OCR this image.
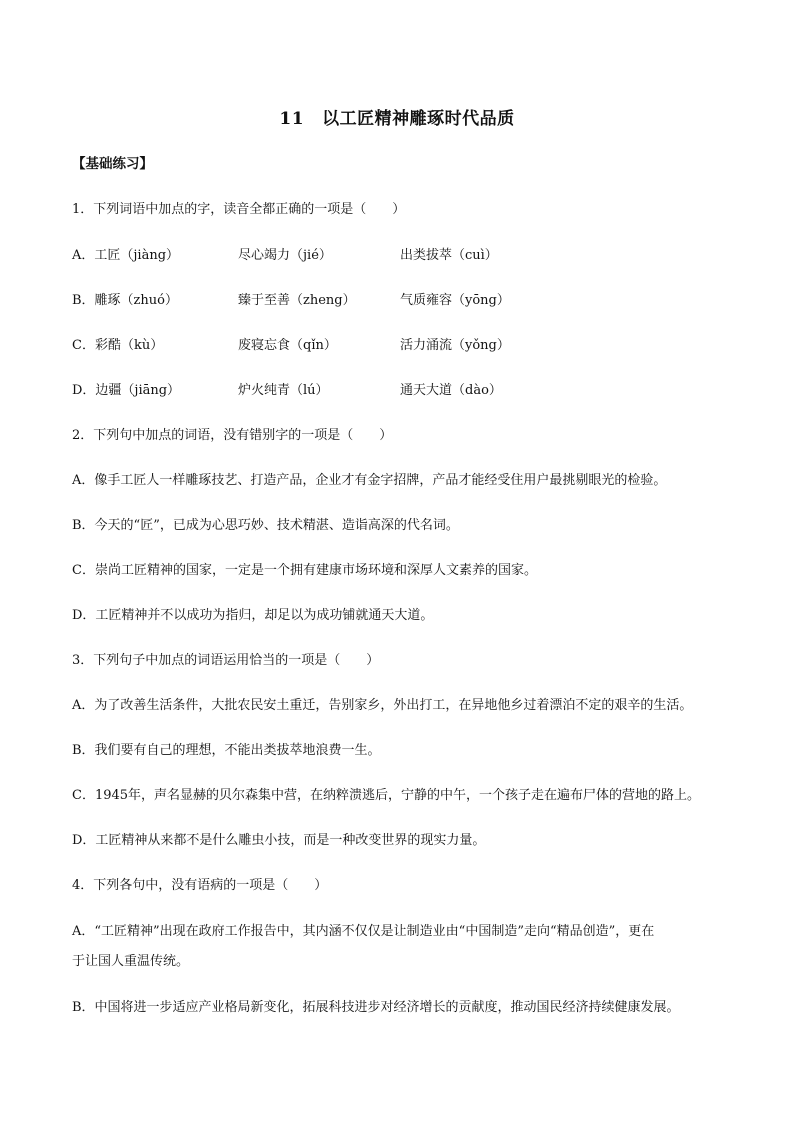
11 以工匠精神雕琢时代品质
【基础练习】
1．下列词语中加点的字，读音全都正确的一项是（　　）
A．工匠（jiàng）	尽心竭力（jié）	出类拔萃（cuì）
B．雕琢（zhuó）	臻于至善（zheng）	气质雍容（yōng）
C．彩酷（kù）	废寝忘食（qǐn）	活力涌流（yǒng）
D．边疆（jiāng）	炉火纯青（lú）	通天大道（dào）
2．下列句中加点的词语，没有错别字的一项是（　　）
A．像手工匠人一样雕琢技艺、打造产品，企业才有金字招牌，产品才能经受住用户最挑剔眼光的检验。
B．今天的“匠”，已成为心思巧妙、技术精湛、造诣高深的代名词。
C．崇尚工匠精神的国家，一定是一个拥有建康市场环境和深厚人文素养的国家。
D．工匠精神并不以成功为指归，却足以为成功铺就通天大道。
3．下列句子中加点的词语运用恰当的一项是（　　）
A．为了改善生活条件，大批农民安土重迁，告别家乡，外出打工，在异地他乡过着漂泊不定的艰辛的生活。
B．我们要有自己的理想，不能出类拔萃地浪费一生。
C．1945年，声名显赫的贝尔森集中营，在纳粹溃逃后，宁静的中午，一个孩子走在遍布尸体的营地的路上。
D．工匠精神从来都不是什么雕虫小技，而是一种改变世界的现实力量。
4．下列各句中，没有语病的一项是（　　）
A．“工匠精神”出现在政府工作报告中，其内涵不仅仅是让制造业由“中国制造”走向“精品创造”，更在
于让国人重温传统。
B．中国将进一步适应产业格局新变化，拓展科技进步对经济增长的贡献度，推动国民经济持续健康发展。
